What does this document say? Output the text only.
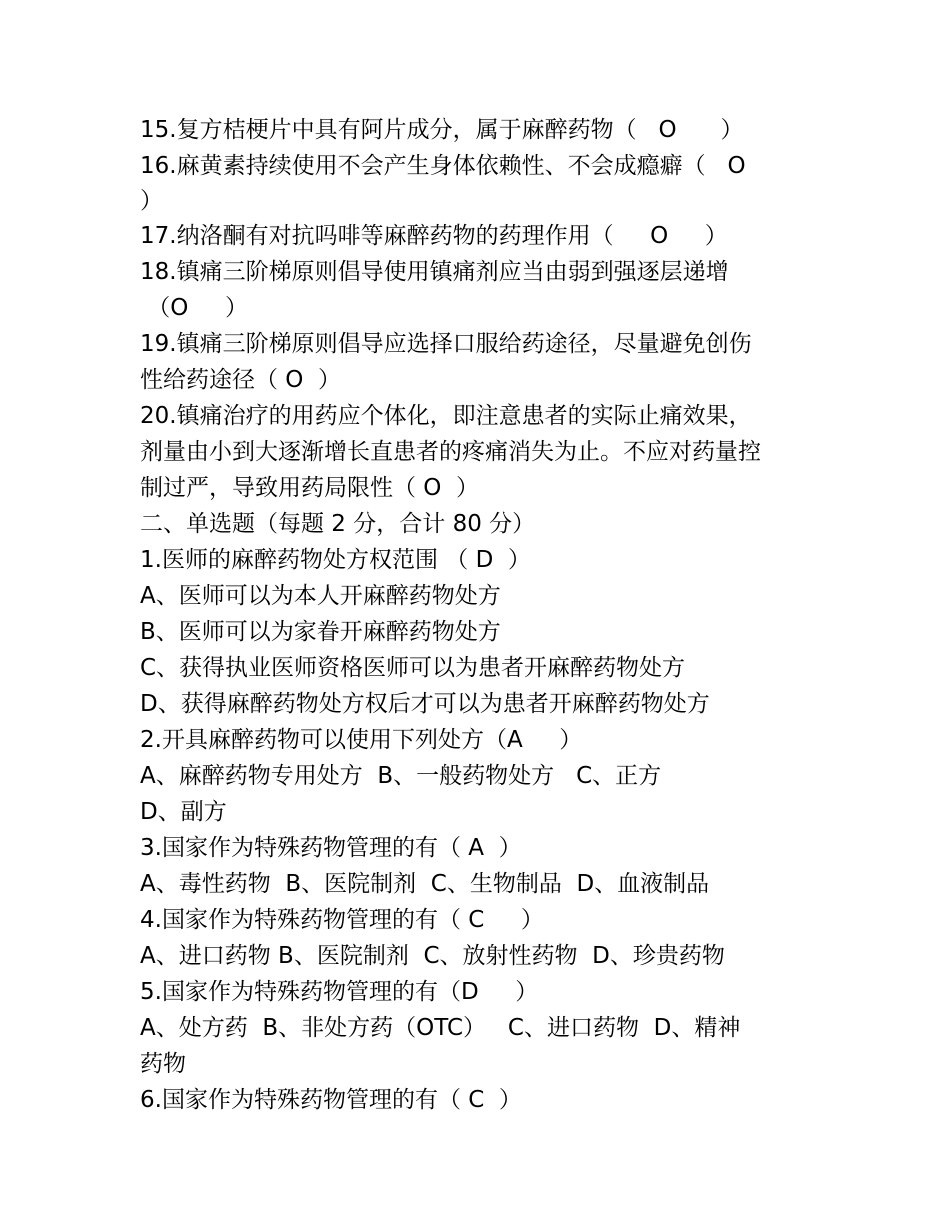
15.复方桔梗片中具有阿片成分，属于麻醉药物（   O      ）
16.麻黄素持续使用不会产生身体依赖性、不会成瘾癖（   O
）
17.纳洛酮有对抗吗啡等麻醉药物的药理作用（     O     ）
18.镇痛三阶梯原则倡导使用镇痛剂应当由弱到强逐层递增
（O     ）
19.镇痛三阶梯原则倡导应选择口服给药途径，尽量避免创伤
性给药途径（ O  ）
20.镇痛治疗的用药应个体化，即注意患者的实际止痛效果，
剂量由小到大逐渐增长直患者的疼痛消失为止。不应对药量控
制过严，导致用药局限性（ O  ）
二、单选题（每题 2 分，合计 80 分）
1.医师的麻醉药物处方权范围 （ D  ）
A、医师可以为本人开麻醉药物处方
B、医师可以为家眷开麻醉药物处方
C、获得执业医师资格医师可以为患者开麻醉药物处方
D、获得麻醉药物处方权后才可以为患者开麻醉药物处方
2.开具麻醉药物可以使用下列处方（A     ）
A、麻醉药物专用处方  B、一般药物处方   C、正方
D、副方
3.国家作为特殊药物管理的有（ A  ）
A、毒性药物  B、医院制剂  C、生物制品  D、血液制品
4.国家作为特殊药物管理的有（ C     ）
A、进口药物 B、医院制剂  C、放射性药物  D、珍贵药物
5.国家作为特殊药物管理的有（D     ）
A、处方药  B、非处方药（OTC）   C、进口药物  D、精神
药物
6.国家作为特殊药物管理的有（ C  ）
